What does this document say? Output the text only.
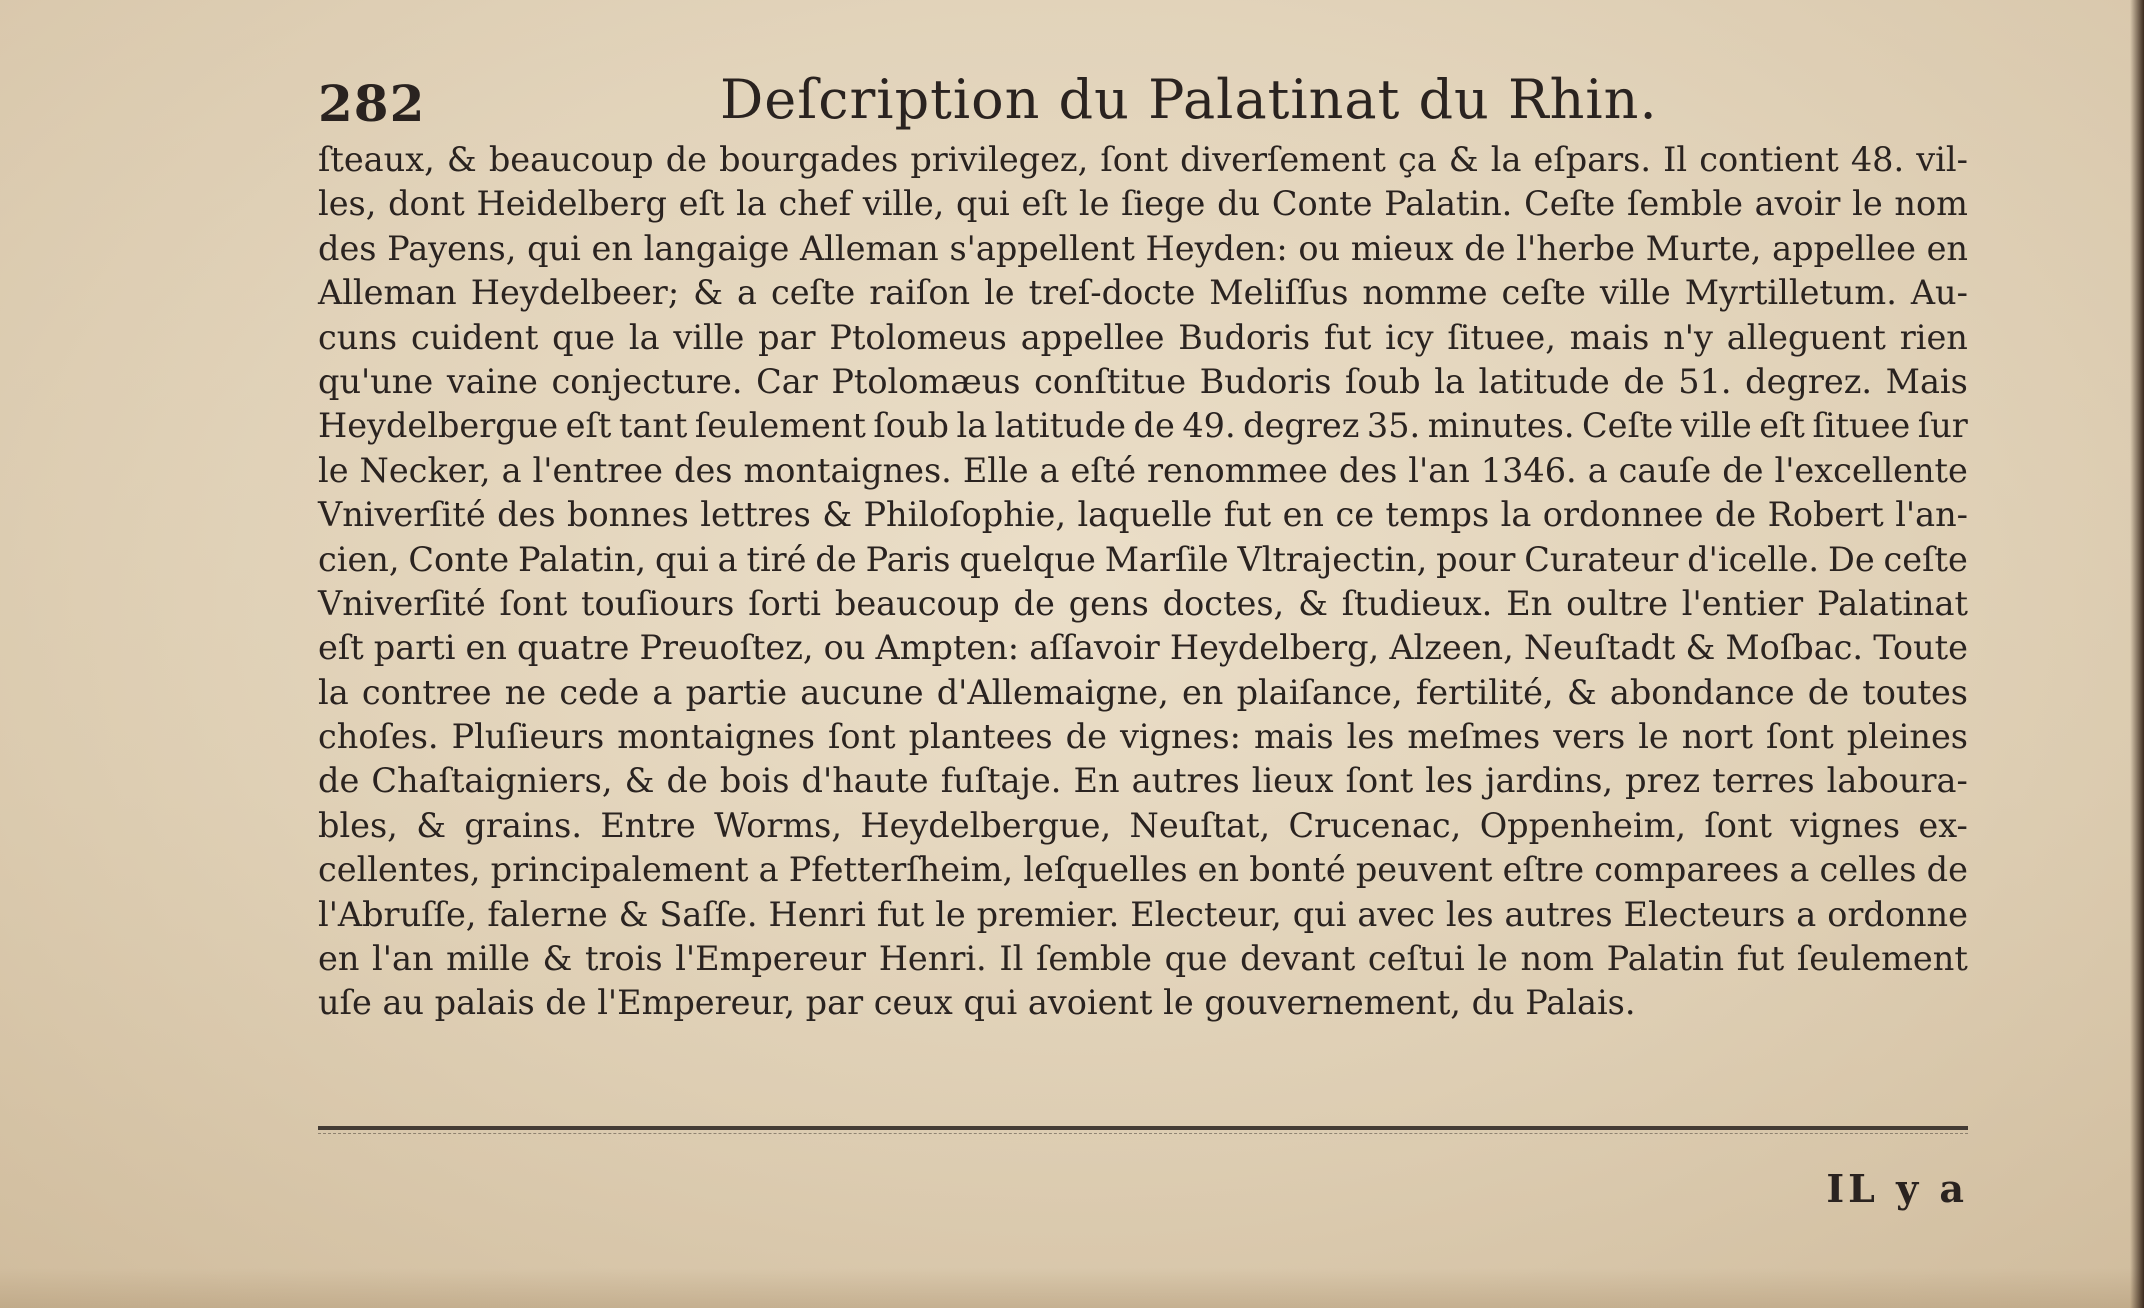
282	Deſcription du Palatinat du Rhin.
ſteaux, & beaucoup de bourgades privilegez, ſont diverſement ça & la eſpars. Il contient 48. vil-
les, dont Heidelberg eſt la chef ville, qui eſt le ſiege du Conte Palatin. Ceſte ſemble avoir le nom
des Payens, qui en langaige Alleman s'appellent Heyden: ou mieux de l'herbe Murte, appellee en
Alleman Heydelbeer; & a ceſte raiſon le treſ-docte Meliſſus nomme ceſte ville Myrtilletum. Au-
cuns cuident que la ville par Ptolomeus appellee Budoris fut icy ſituee, mais n'y alleguent rien
qu'une vaine conjecture. Car Ptolomæus conſtitue Budoris ſoub la latitude de 51. degrez. Mais
Heydelbergue eſt tant ſeulement ſoub la latitude de 49. degrez 35. minutes. Ceſte ville eſt ſituee ſur
le Necker, a l'entree des montaignes. Elle a eſté renommee des l'an 1346. a cauſe de l'excellente
Vniverſité des bonnes lettres & Philoſophie, laquelle fut en ce temps la ordonnee de Robert l'an-
cien, Conte Palatin, qui a tiré de Paris quelque Marſile Vltrajectin, pour Curateur d'icelle. De ceſte
Vniverſité ſont touſiours ſorti beaucoup de gens doctes, & ſtudieux. En oultre l'entier Palatinat
eſt parti en quatre Preuoſtez, ou Ampten: aſſavoir Heydelberg, Alzeen, Neuſtadt & Moſbac. Toute
la contree ne cede a partie aucune d'Allemaigne, en plaiſance, fertilité, & abondance de toutes
choſes. Pluſieurs montaignes ſont plantees de vignes: mais les meſmes vers le nort ſont pleines
de Chaſtaigniers, & de bois d'haute fuſtaje. En autres lieux ſont les jardins, prez terres laboura-
bles, & grains. Entre Worms, Heydelbergue, Neuſtat, Crucenac, Oppenheim, ſont vignes ex-
cellentes, principalement a Pfetterſheim, leſquelles en bonté peuvent eſtre comparees a celles de
l'Abruſſe, falerne & Saſſe. Henri fut le premier. Electeur, qui avec les autres Electeurs a ordonne
en l'an mille & trois l'Empereur Henri. Il ſemble que devant ceſtui le nom Palatin fut ſeulement
uſe au palais de l'Empereur, par ceux qui avoient le gouvernement, du Palais.
IL y a
